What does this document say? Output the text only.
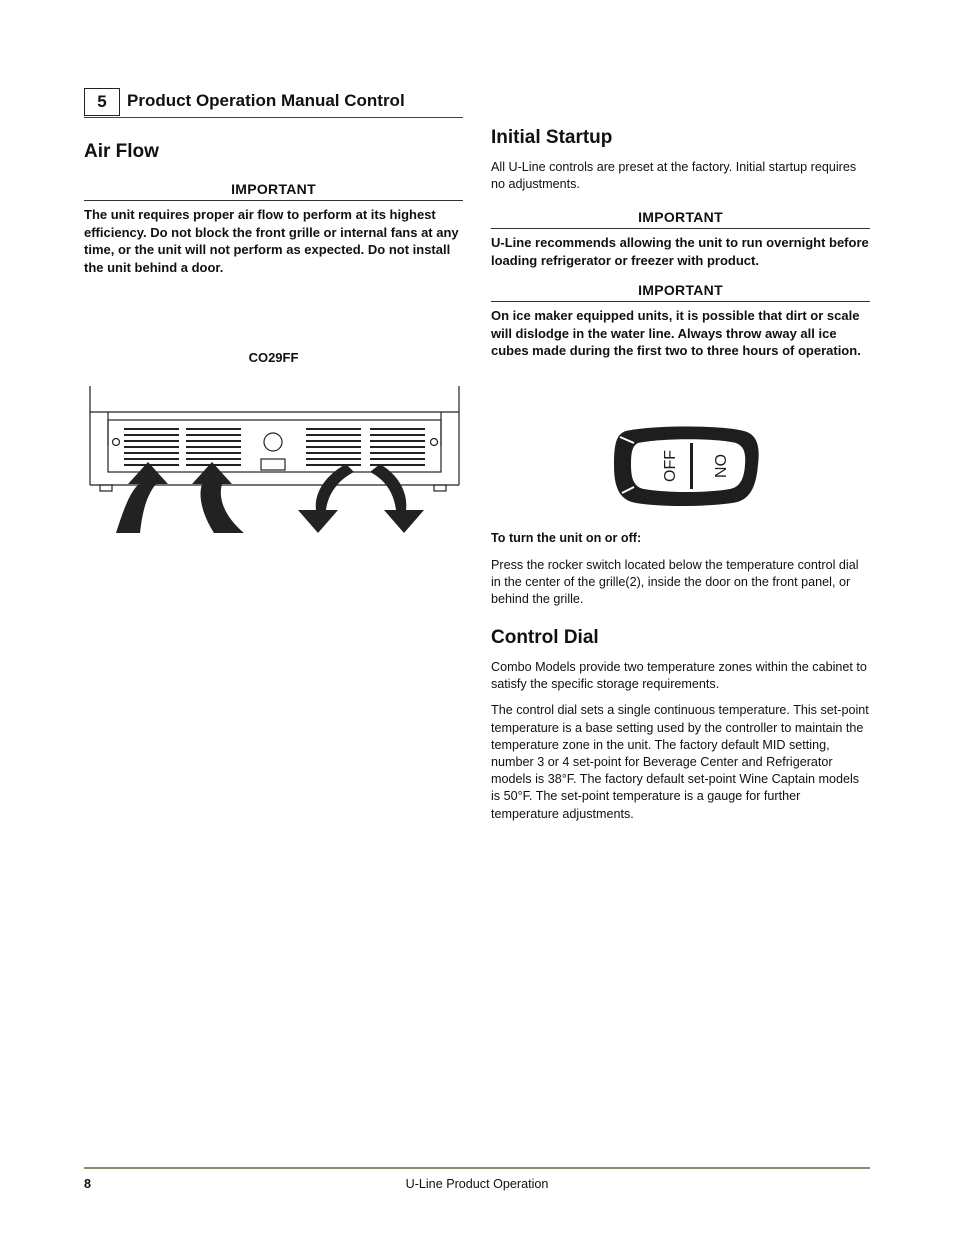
5	Product Operation Manual Control
Air Flow
IMPORTANT

The unit requires proper air flow to perform at its highest efficiency. Do not block the front grille or internal fans at any time, or the unit will not perform as expected. Do not install the unit behind a door.

CO29FF
Initial Startup

All U-Line controls are preset at the factory. Initial startup requires no adjustments.

IMPORTANT

U-Line recommends allowing the unit to run overnight before loading refrigerator or freezer with product.

IMPORTANT

On ice maker equipped units, it is possible that dirt or scale will dislodge in the water line. Always throw away all ice cubes made during the first two to three hours of operation.

OFF ON

To turn the unit on or off:

Press the rocker switch located below the temperature control dial in the center of the grille(2), inside the door on the front panel, or behind the grille.

Control Dial

Combo Models provide two temperature zones within the cabinet to satisfy the specific storage requirements.

The control dial sets a single continuous temperature. This set-point temperature is a base setting used by the controller to maintain the temperature zone in the unit. The factory default MID setting, number 3 or 4 set-point for Beverage Center and Refrigerator models is 38°F. The factory default set-point Wine Captain models is 50°F. The set-point temperature is a gauge for further temperature adjustments.

U-Line Product Operation
8
